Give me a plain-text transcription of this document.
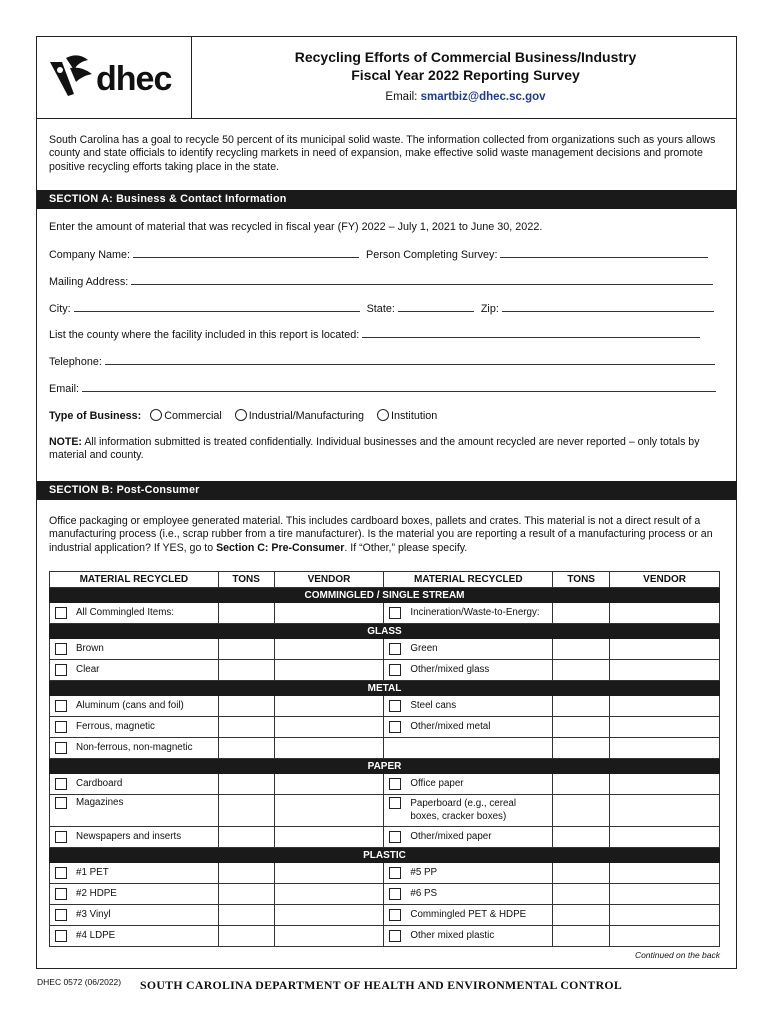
dhec
Recycling Efforts of Commercial Business/Industry
Fiscal Year 2022 Reporting Survey
Email: smartbiz@dhec.sc.gov
South Carolina has a goal to recycle 50 percent of its municipal solid waste. The information collected from organizations such as yours allows county and state officials to identify recycling markets in need of expansion, make effective solid waste management decisions and promote positive recycling efforts taking place in the state.
SECTION A: Business & Contact Information
Enter the amount of material that was recycled in fiscal year (FY) 2022 – July 1, 2021 to June 30, 2022.
Company Name:	Person Completing Survey:
Mailing Address:
City:	State:	Zip:
List the county where the facility included in this report is located:
Telephone:
Email:
Type of Business: Commercial	Industrial/Manufacturing	Institution
NOTE: All information submitted is treated confidentially. Individual businesses and the amount recycled are never reported – only totals by material and county.
SECTION B: Post-Consumer
Office packaging or employee generated material. This includes cardboard boxes, pallets and crates. This material is not a direct result of a manufacturing process (i.e., scrap rubber from a tire manufacturer). Is the material you are reporting a result of a manufacturing process or an industrial application? If YES, go to Section C: Pre-Consumer. If “Other,” please specify.
MATERIAL RECYCLED	TONS	VENDOR	MATERIAL RECYCLED	TONS	VENDOR
COMMINGLED / SINGLE STREAM					
All Commingled Items:			Incineration/Waste-to-Energy:		
GLASS					
Brown			Green		
Clear			Other/mixed glass		
METAL					
Aluminum (cans and foil)			Steel cans		
Ferrous, magnetic			Other/mixed metal		
Non-ferrous, non-magnetic					
PAPER					
Cardboard			Office paper		
Magazines			Paperboard (e.g., cereal boxes, cracker boxes)		
Newspapers and inserts			Other/mixed paper		
PLASTIC					
#1 PET			#5 PP		
#2 HDPE			#6 PS		
#3 Vinyl			Commingled PET & HDPE		
#4 LDPE			Other mixed plastic		
Continued on the back
DHEC 0572 (06/2022) SOUTH CAROLINA DEPARTMENT OF HEALTH AND ENVIRONMENTAL CONTROL
